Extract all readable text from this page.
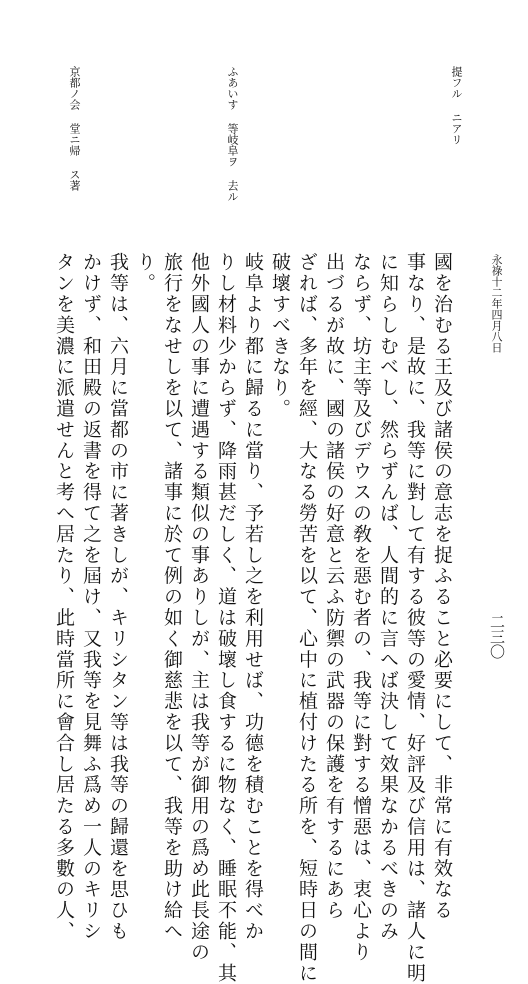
提フル ニアリ
ふあいす 等岐阜ヲ 去ル
京都ノ会 堂ニ帰 ス著
永祿十二年四月八日
二三〇
國を治むる王及び諸侯の意志を捉ふること必要にして、非常に有效なる
事なり、是故に、我等に對して有する彼等の愛情、好評及び信用は、諸人に明
に知らしむべし、然らずんば、人間的に言へば決して效果なかるべきのみ
ならず、坊主等及びデウスの敎を惡む者の、我等に對する憎惡は、衷心より
出づるが故に、國の諸侯の好意と云ふ防禦の武器の保護を有するにあら
ざれば、多年を經、大なる勞苦を以て、心中に植付けたる所を、短時日の間に
破壞すべきなり。
岐阜より都に歸るに當り、予若し之を利用せば、功德を積むことを得べか
りし材料少からず、降雨甚だしく、道は破壞し食するに物なく、睡眠不能、其
他外國人の事に遭遇する類似の事ありしが、主は我等が御用の爲め此長途の
旅行をなせしを以て、諸事に於て例の如く御慈悲を以て、我等を助け給へ
り。
我等は、六月に當都の市に著きしが、キリシタン等は我等の歸還を思ひも
かけず、和田殿の返書を得て之を屆け、又我等を見舞ふ爲め一人のキリシ
タンを美濃に派遣せんと考へ居たり、此時當所に會合し居たる多數の人、
